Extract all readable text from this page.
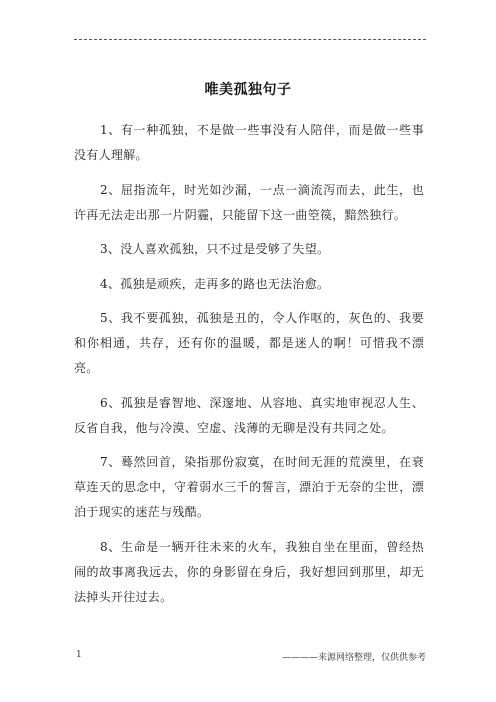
唯美孤独句子

1、有一种孤独，不是做一些事没有人陪伴，而是做一些事没有人理解。

2、屈指流年，时光如沙漏，一点一滴流泻而去，此生，也许再无法走出那一片阴霾，只能留下这一曲箜篌，黯然独行。

3、没人喜欢孤独，只不过是受够了失望。

4、孤独是顽疾，走再多的路也无法治愈。

5、我不要孤独，孤独是丑的，令人作呕的，灰色的、我要和你相通，共存，还有你的温暖，都是迷人的啊！可惜我不漂亮。

6、孤独是睿智地、深邃地、从容地、真实地审视忍人生、反省自我，他与冷漠、空虚、浅薄的无聊是没有共同之处。

7、蓦然回首，染指那份寂寞，在时间无涯的荒漠里，在衰草连天的思念中，守着弱水三千的誓言，漂泊于无奈的尘世，漂泊于现实的迷茫与残酷。

8、生命是一辆开往未来的火车，我独自坐在里面，曾经热闹的故事离我远去，你的身影留在身后，我好想回到那里，却无法掉头开往过去。

1	————来源网络整理，仅供供参考
